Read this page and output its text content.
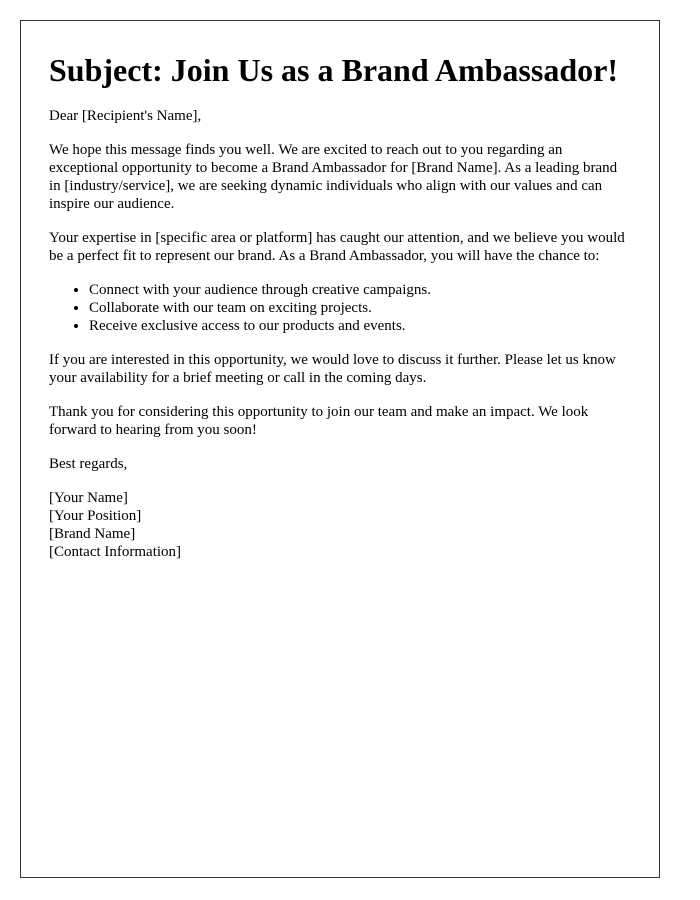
Subject: Join Us as a Brand Ambassador!

Dear [Recipient's Name],

We hope this message finds you well. We are excited to reach out to you regarding an exceptional opportunity to become a Brand Ambassador for [Brand Name]. As a leading brand in [industry/service], we are seeking dynamic individuals who align with our values and can inspire our audience.

Your expertise in [specific area or platform] has caught our attention, and we believe you would be a perfect fit to represent our brand. As a Brand Ambassador, you will have the chance to:

• Connect with your audience through creative campaigns.
• Collaborate with our team on exciting projects.
• Receive exclusive access to our products and events.

If you are interested in this opportunity, we would love to discuss it further. Please let us know your availability for a brief meeting or call in the coming days.

Thank you for considering this opportunity to join our team and make an impact. We look forward to hearing from you soon!

Best regards,

[Your Name]
[Your Position]
[Brand Name]
[Contact Information]
